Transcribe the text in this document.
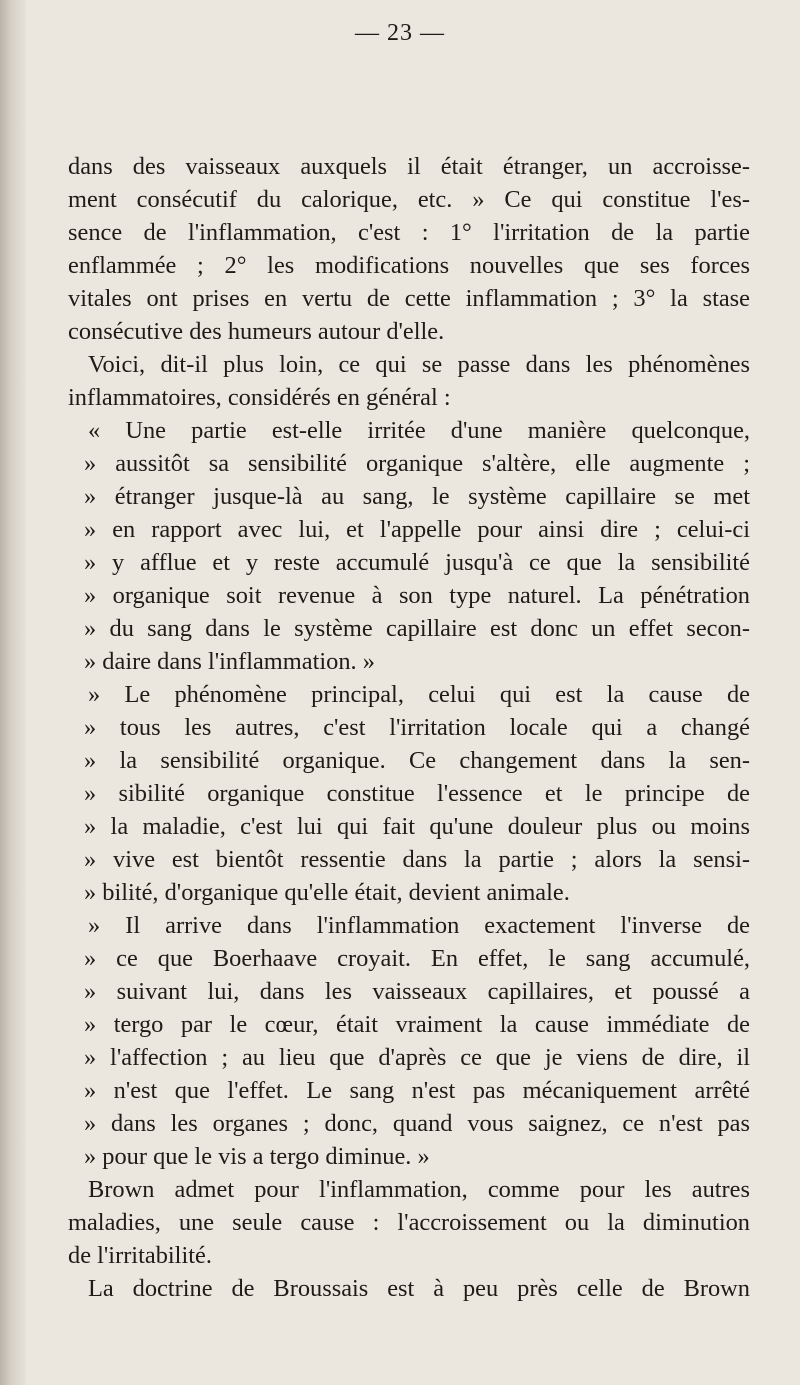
— 23 —
dans des vaisseaux auxquels il était étranger, un accroisse-
ment consécutif du calorique, etc. » Ce qui constitue l'es-
sence de l'inflammation, c'est : 1° l'irritation de la partie
enflammée ; 2° les modifications nouvelles que ses forces
vitales ont prises en vertu de cette inflammation ; 3° la stase
consécutive des humeurs autour d'elle.
Voici, dit-il plus loin, ce qui se passe dans les phénomènes
inflammatoires, considérés en général :
« Une partie est-elle irritée d'une manière quelconque,
» aussitôt sa sensibilité organique s'altère, elle augmente ;
» étranger jusque-là au sang, le système capillaire se met
» en rapport avec lui, et l'appelle pour ainsi dire ; celui-ci
» y afflue et y reste accumulé jusqu'à ce que la sensibilité
» organique soit revenue à son type naturel. La pénétration
» du sang dans le système capillaire est donc un effet secon-
» daire dans l'inflammation. »
» Le phénomène principal, celui qui est la cause de
» tous les autres, c'est l'irritation locale qui a changé
» la sensibilité organique. Ce changement dans la sen-
» sibilité organique constitue l'essence et le principe de
» la maladie, c'est lui qui fait qu'une douleur plus ou moins
» vive est bientôt ressentie dans la partie ; alors la sensi-
» bilité, d'organique qu'elle était, devient animale.
» Il arrive dans l'inflammation exactement l'inverse de
» ce que Boerhaave croyait. En effet, le sang accumulé,
» suivant lui, dans les vaisseaux capillaires, et poussé a
» tergo par le cœur, était vraiment la cause immédiate de
» l'affection ; au lieu que d'après ce que je viens de dire, il
» n'est que l'effet. Le sang n'est pas mécaniquement arrêté
» dans les organes ; donc, quand vous saignez, ce n'est pas
» pour que le vis a tergo diminue. »
Brown admet pour l'inflammation, comme pour les autres
maladies, une seule cause : l'accroissement ou la diminution
de l'irritabilité.
La doctrine de Broussais est à peu près celle de Brown
